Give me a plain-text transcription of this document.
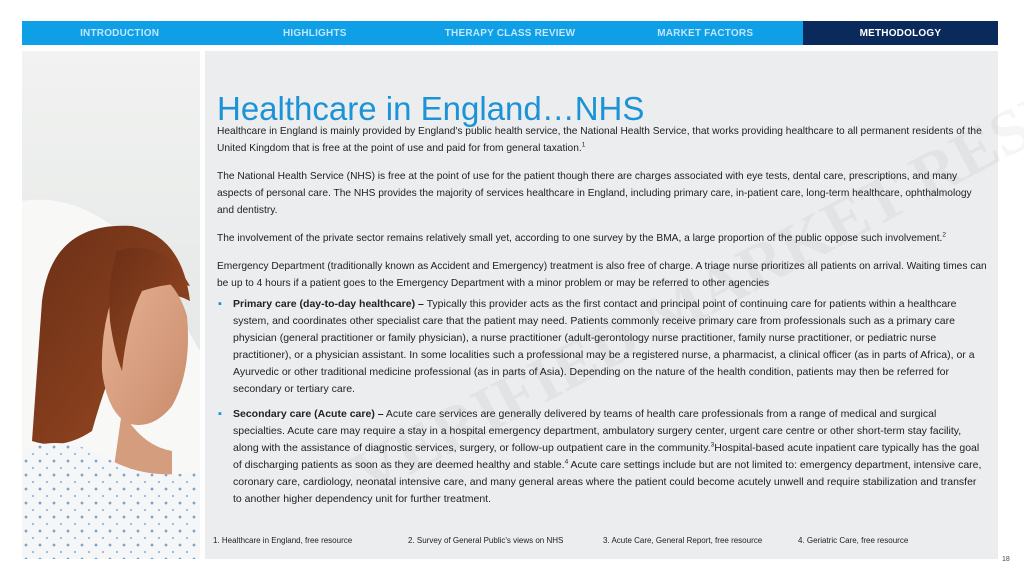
INTRODUCTION	HIGHLIGHTS	THERAPY CLASS REVIEW	MARKET FACTORS	METHODOLOGY
Healthcare in England…NHS

Healthcare in England is mainly provided by England's public health service, the National Health Service, that works providing healthcare to all permanent residents of the United Kingdom that is free at the point of use and paid for from general taxation.$^1$

The National Health Service (NHS) is free at the point of use for the patient though there are charges associated with eye tests, dental care, prescriptions, and many aspects of personal care. The NHS provides the majority of services healthcare in England, including primary care, in-patient care, long-term healthcare, ophthalmology and dentistry.

The involvement of the private sector remains relatively small yet, according to one survey by the BMA, a large proportion of the public oppose such involvement.$^2$

Emergency Department (traditionally known as Accident and Emergency) treatment is also free of charge. A triage nurse prioritizes all patients on arrival. Waiting times can be up to 4 hours if a patient goes to the Emergency Department with a minor problem or may be referred to other agencies

▪ Primary care (day-to-day healthcare) – Typically this provider acts as the first contact and principal point of continuing care for patients within a healthcare system, and coordinates other specialist care that the patient may need. Patients commonly receive primary care from professionals such as a primary care physician (general practitioner or family physician), a nurse practitioner (adult-gerontology nurse practitioner, family nurse practitioner, or pediatric nurse practitioner), or a physician assistant. In some localities such a professional may be a registered nurse, a pharmacist, a clinical officer (as in parts of Africa), or a Ayurvedic or other traditional medicine professional (as in parts of Asia). Depending on the nature of the health condition, patients may then be referred for secondary or tertiary care.
▪ Secondary care (Acute care) – Acute care services are generally delivered by teams of health care professionals from a range of medical and surgical specialties. Acute care may require a stay in a hospital emergency department, ambulatory surgery center, urgent care centre or other short-term stay facility, along with the assistance of diagnostic services, surgery, or follow-up outpatient care in the community.$^3$Hospital-based acute inpatient care typically has the goal of discharging patients as soon as they are deemed healthy and stable.$^4$ Acute care settings include but are not limited to: emergency department, intensive care, coronary care, cardiology, neonatal intensive care, and many general areas where the patient could become acutely unwell and require stabilization and transfer to another higher dependency unit for further treatment.
1. Healthcare in England, free resource	2. Survey of General Public's views on NHS	3. Acute Care, General Report, free resource	4. Geriatric Care, free resource
18
